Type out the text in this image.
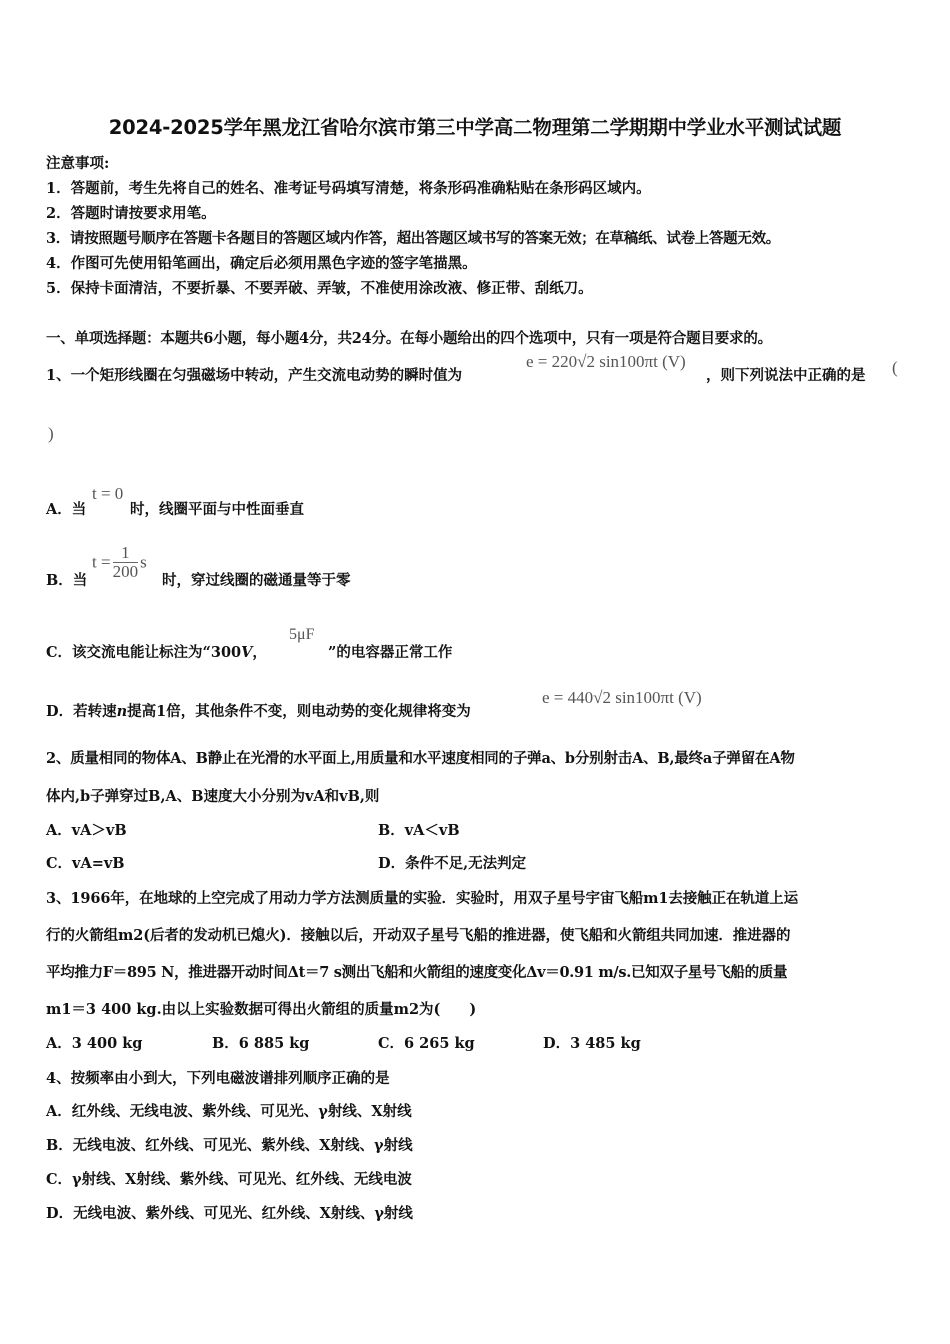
2024-2025学年黑龙江省哈尔滨市第三中学高二物理第二学期期中学业水平测试试题
注意事项:
1．答题前，考生先将自己的姓名、准考证号码填写清楚，将条形码准确粘贴在条形码区域内。
2．答题时请按要求用笔。
3．请按照题号顺序在答题卡各题目的答题区域内作答，超出答题区域书写的答案无效；在草稿纸、试卷上答题无效。
4．作图可先使用铅笔画出，确定后必须用黑色字迹的签字笔描黑。
5．保持卡面清洁，不要折暴、不要弄破、弄皱，不准使用涂改液、修正带、刮纸刀。
一、单项选择题：本题共6小题，每小题4分，共24分。在每小题给出的四个选项中，只有一项是符合题目要求的。
1、一个矩形线圈在匀强磁场中转动，产生交流电动势的瞬时值为
e = 220√2 sin100πt (V)
，则下列说法中正确的是 (
)
A．当
t = 0
时，线圈平面与中性面垂直
B．当
$t = \frac{1}{200}$ s
时，穿过线圈的磁通量等于零
C．该交流电能让标注为“300V，
5μF
”的电容器正常工作
D．若转速n提高1倍，其他条件不变，则电动势的变化规律将变为
e = 440√2 sin100πt (V)
2、质量相同的物体A、B静止在光滑的水平面上,用质量和水平速度相同的子弹a、b分别射击A、B,最终a子弹留在A物
体内,b子弹穿过B,A、B速度大小分别为vA和vB,则
A．vA＞vB	B．vA＜vB
C．vA=vB	D．条件不足,无法判定
3、1966年，在地球的上空完成了用动力学方法测质量的实验．实验时，用双子星号宇宙飞船m1去接触正在轨道上运
行的火箭组m2(后者的发动机已熄火)．接触以后，开动双子星号飞船的推进器，使飞船和火箭组共同加速．推进器的
平均推力F＝895 N，推进器开动时间Δt＝7 s测出飞船和火箭组的速度变化Δv＝0.91 m/s.已知双子星号飞船的质量
m1＝3 400 kg.由以上实验数据可得出火箭组的质量m2为(　　)
A．3 400 kg	B．6 885 kg	C．6 265 kg	D．3 485 kg
4、按频率由小到大，下列电磁波谱排列顺序正确的是
A．红外线、无线电波、紫外线、可见光、γ射线、X射线
B．无线电波、红外线、可见光、紫外线、X射线、γ射线
C．γ射线、X射线、紫外线、可见光、红外线、无线电波
D．无线电波、紫外线、可见光、红外线、X射线、γ射线
